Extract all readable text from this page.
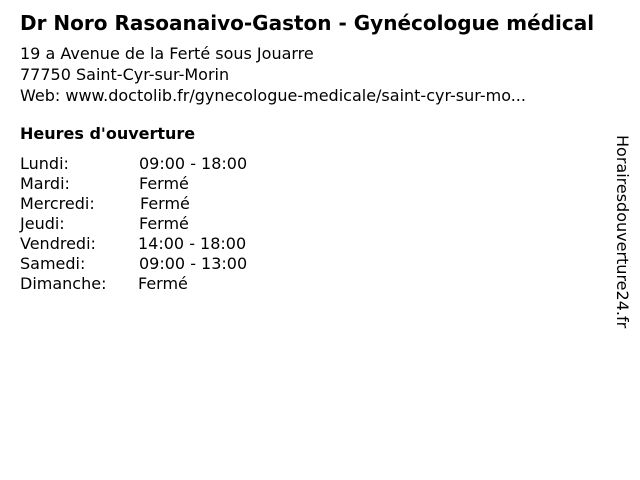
Dr Noro Rasoanaivo-Gaston - Gynécologue médical
19 a Avenue de la Ferté sous Jouarre
77750 Saint-Cyr-sur-Morin
Web: www.doctolib.fr/gynecologue-medicale/saint-cyr-sur-mo...
Heures d'ouverture
Lundi:	09:00 - 18:00
Mardi:	Fermé
Mercredi:	Fermé
Jeudi:	Fermé
Vendredi:	14:00 - 18:00
Samedi:	09:00 - 13:00
Dimanche: Fermé	Horairesdouverture24.fr
